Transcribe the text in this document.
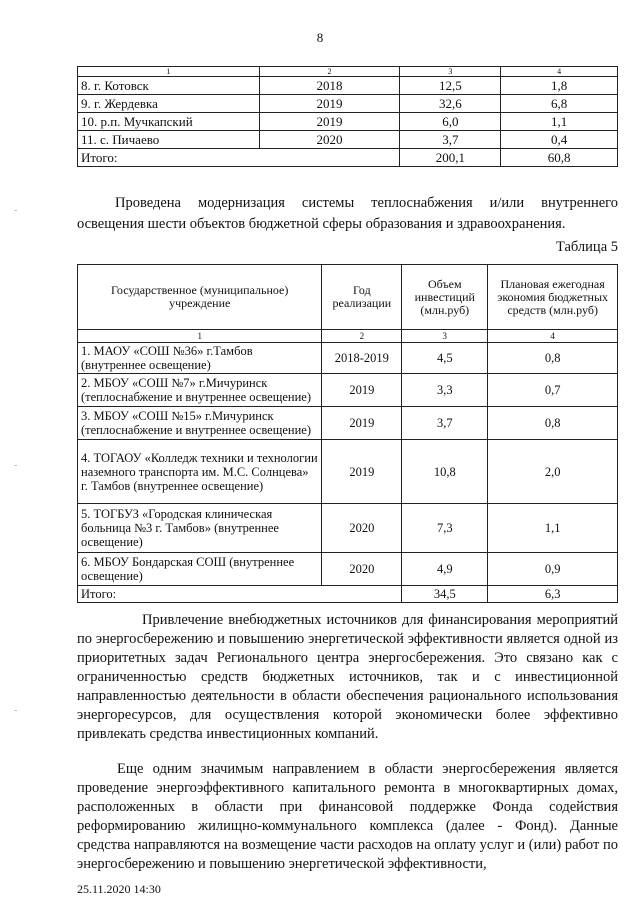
8
1	2	3	4
8. г. Котовск	2018	12,5	1,8
9. г. Жердевка	2019	32,6	6,8
10. р.п. Мучкапский	2019	6,0	1,1
11. с. Пичаево	2020	3,7	0,4
Итого:		200,1	60,8

Проведена модернизация системы теплоснабжения и/или внутреннего освещения шести объектов бюджетной сферы образования и здравоохранения.

Таблица 5
Государственное (муниципальное) учреждение	Год реализации	Объем инвестиций (млн.руб)	Плановая ежегодная экономия бюджетных средств (млн.руб)
1	2	3	4
1. МАОУ «СОШ №36» г.Тамбов (внутреннее освещение)	2018-2019	4,5	0,8
2. МБОУ «СОШ №7» г.Мичуринск (теплоснабжение и внутреннее освещение)	2019	3,3	0,7
3. МБОУ «СОШ №15» г.Мичуринск (теплоснабжение и внутреннее освещение)	2019	3,7	0,8
4. ТОГАОУ «Колледж техники и технологии наземного транспорта им. М.С. Солнцева» г. Тамбов (внутреннее освещение)	2019	10,8	2,0
5. ТОГБУЗ «Городская клиническая больница №3 г. Тамбов» (внутреннее освещение)	2020	7,3	1,1
6. МБОУ Бондарская СОШ (внутреннее освещение)	2020	4,9	0,9
Итого:		34,5	6,3

Привлечение внебюджетных источников для финансирования мероприятий по энергосбережению и повышению энергетической эффективности является одной из приоритетных задач Регионального центра энергосбережения. Это связано как с ограниченностью средств бюджетных источников, так и с инвестиционной направленностью деятельности в области обеспечения рационального использования энергоресурсов, для осуществления которой экономически более эффективно привлекать средства инвестиционных компаний.

Еще одним значимым направлением в области энергосбережения является проведение энергоэффективного капитального ремонта в многоквартирных домах, расположенных в области при финансовой поддержке Фонда содействия реформированию жилищно-коммунального комплекса (далее - Фонд). Данные средства направляются на возмещение части расходов на оплату услуг и (или) работ по энергосбережению и повышению энергетической эффективности,

25.11.2020 14:30
-
-
-
